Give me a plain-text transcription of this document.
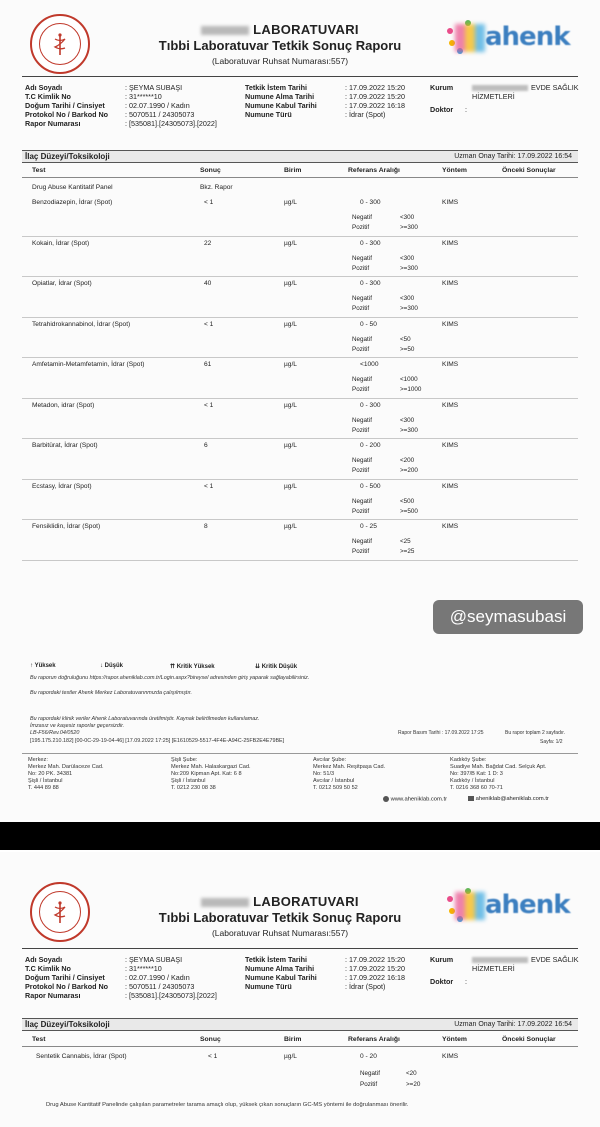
LABORATUVARI
Tıbbi Laboratuvar Tetkik Sonuç Raporu
(Laboratuvar Ruhsat Numarası:557)
ahenk
Adı Soyadı	: ŞEYMA SUBAŞI
T.C Kimlik No	: 31******10
Doğum Tarihi / Cinsiyet	: 02.07.1990 / Kadın
Protokol No / Barkod No : 5070511 / 24305073
Rapor Numarası	: [535081].[24305073].[2022]
Tetkik İstem Tarihi	: 17.09.2022 15:20
Numune Alma Tarihi	: 17.09.2022 15:20
Numune Kabul Tarihi	: 17.09.2022 16:18
Numune Türü	: İdrar (Spot)
Kurum	EVDE SAĞLIK
HİZMETLERİ
Doktor :
İlaç Düzeyi/Toksikoloji	Uzman Onay Tarihi: 17.09.2022 16:54
Test	Sonuç	Birim	Referans Aralığı	Yöntem	Önceki Sonuçlar
Drug Abuse Kantitatif Panel	Bkz. Rapor
@seymasubasi
↑ Yüksek	↓ Düşük	⇈ Kritik Yüksek	⇊ Kritik Düşük
Bu raporun doğruluğunu https://rapor.aheniklab.com.tr/Login.aspx?bireysel adresinden giriş yaparak sağlayabilirsiniz.
Bu rapordaki testler Ahenk Merkez Laboratuvarınmızda çalışılmıştır.
Bu rapordaki klinik veriler Ahenk Laboratuvarında üretilmiştir. Kaynak belirtilmeden kullanılamaz.
İmzasız ve kaşesiz raporlar geçersizdir.
LB-F56/Rev.04/0520
[195.175.210.182] [00-0C-29-19-04-46] [17.09.2022 17:25] [E1610529-5517-4F4E-A94C-25FB2E4E79BE]
Rapor Basım Tarihi : 17.09.2022 17:25	Bu rapor toplam 2 sayfadır.
Sayfa: 1/2
Merkez:
Merkez Mah. Darülaceze Cad.
No: 20 PK. 34381
Şişli / İstanbul
T. 444 89 88
Şişli Şube:
Merkez Mah. Halaskargazi Cad.
No:209 Kipman Apt. Kat: 6 8
Şişli / İstanbul
T. 0212 230 08 38
Avcılar Şube:
Merkez Mah. Reşitpaşa Cad.
No: 51/3
Avcılar / İstanbul
T. 0212 509 50 52
Kadıköy Şube:
Suadiye Mah. Bağdat Cad. Selçuk Apt.
No: 397/B Kat: 1 D: 3
Kadıköy / İstanbul
T. 0216 368 60 70-71
www.aheniklab.com.tr	aheniklab@aheniklab.com.tr
Benzodiazepin, İdrar (Spot)	< 1	µg/L	0 - 300	KIMS
Negatif	<300
Pozitif	>=300
Kokain, İdrar (Spot)	22	µg/L	0 - 300	KIMS
Negatif	<300
Pozitif	>=300
Opiatlar, İdrar (Spot)	40	µg/L	0 - 300	KIMS
Negatif	<300
Pozitif	>=300
Tetrahidrokannabinol, İdrar (Spot)	< 1	µg/L	0 - 50	KIMS
Negatif	<50
Pozitif	>=50
Amfetamin-Metamfetamin, İdrar (Spot)	61	µg/L	<1000	KIMS
Negatif	<1000
Pozitif	>=1000
Metadon, idrar (Spot)	< 1	µg/L	0 - 300	KIMS
Negatif	<300
Pozitif	>=300
Barbitürat, İdrar (Spot)	6	µg/L	0 - 200	KIMS
Negatif	<200
Pozitif	>=200
Ecstasy, İdrar (Spot)	< 1	µg/L	0 - 500	KIMS
Negatif	<500
Pozitif	>=500
Fensiklidin, İdrar (Spot)	8	µg/L	0 - 25	KIMS
Negatif	<25
Pozitif	>=25
LABORATUVARI
Tıbbi Laboratuvar Tetkik Sonuç Raporu
(Laboratuvar Ruhsat Numarası:557)
ahenk
Adı Soyadı	: ŞEYMA SUBAŞI
T.C Kimlik No	: 31******10
Doğum Tarihi / Cinsiyet	: 02.07.1990 / Kadın
Protokol No / Barkod No : 5070511 / 24305073
Rapor Numarası	: [535081].[24305073].[2022]
Tetkik İstem Tarihi	: 17.09.2022 15:20
Numune Alma Tarihi	: 17.09.2022 15:20
Numune Kabul Tarihi	: 17.09.2022 16:18
Numune Türü	: İdrar (Spot)
Kurum	EVDE SAĞLIK
HİZMETLERİ
Doktor :
İlaç Düzeyi/Toksikoloji	Uzman Onay Tarihi: 17.09.2022 16:54
Test	Sonuç	Birim	Referans Aralığı	Yöntem	Önceki Sonuçlar
Sentetik Cannabis, İdrar (Spot)	< 1	µg/L	0 - 20	KIMS
Negatif	<20
Pozitif	>=20
Drug Abuse Kantitatif Panelinde çalışılan parametreler tarama amaçlı olup, yüksek çıkan sonuçların GC-MS yöntemi ile doğrulanması önerilir.
